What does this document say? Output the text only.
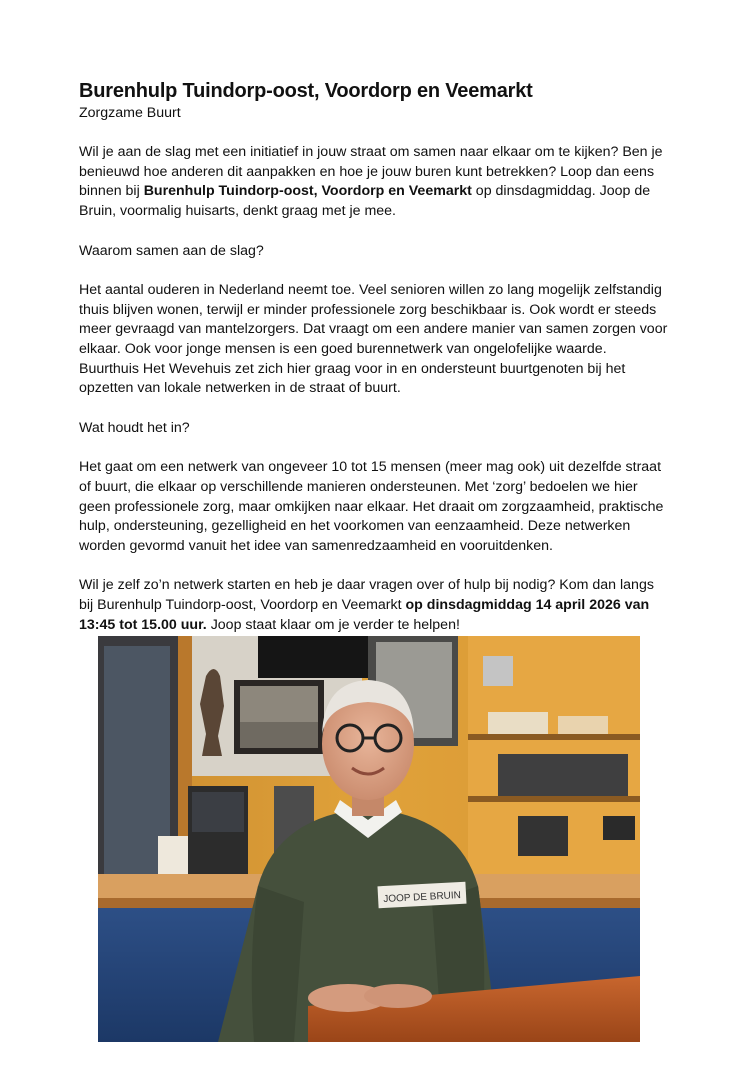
Burenhulp Tuindorp-oost, Voordorp en Veemarkt
Zorgzame Buurt

Wil je aan de slag met een initiatief in jouw straat om samen naar elkaar om te kijken? Ben je benieuwd hoe anderen dit aanpakken en hoe je jouw buren kunt betrekken? Loop dan eens binnen bij Burenhulp Tuindorp-oost, Voordorp en Veemarkt op dinsdagmiddag. Joop de Bruin, voormalig huisarts, denkt graag met je mee.

Waarom samen aan de slag?

Het aantal ouderen in Nederland neemt toe. Veel senioren willen zo lang mogelijk zelfstandig thuis blijven wonen, terwijl er minder professionele zorg beschikbaar is. Ook wordt er steeds meer gevraagd van mantelzorgers. Dat vraagt om een andere manier van samen zorgen voor elkaar. Ook voor jonge mensen is een goed burennetwerk van ongelofelijke waarde. Buurthuis Het Wevehuis zet zich hier graag voor in en ondersteunt buurtgenoten bij het opzetten van lokale netwerken in de straat of buurt.

Wat houdt het in?

Het gaat om een netwerk van ongeveer 10 tot 15 mensen (meer mag ook) uit dezelfde straat of buurt, die elkaar op verschillende manieren ondersteunen. Met ‘zorg’ bedoelen we hier geen professionele zorg, maar omkijken naar elkaar. Het draait om zorgzaamheid, praktische hulp, ondersteuning, gezelligheid en het voorkomen van eenzaamheid. Deze netwerken worden gevormd vanuit het idee van samenredzaamheid en vooruitdenken.

Wil je zelf zo’n netwerk starten en heb je daar vragen over of hulp bij nodig? Kom dan langs bij Burenhulp Tuindorp-oost, Voordorp en Veemarkt op dinsdagmiddag 14 april 2026 van 13:45 tot 15.00 uur. Joop staat klaar om je verder te helpen!

JOOP DE BRUIN
